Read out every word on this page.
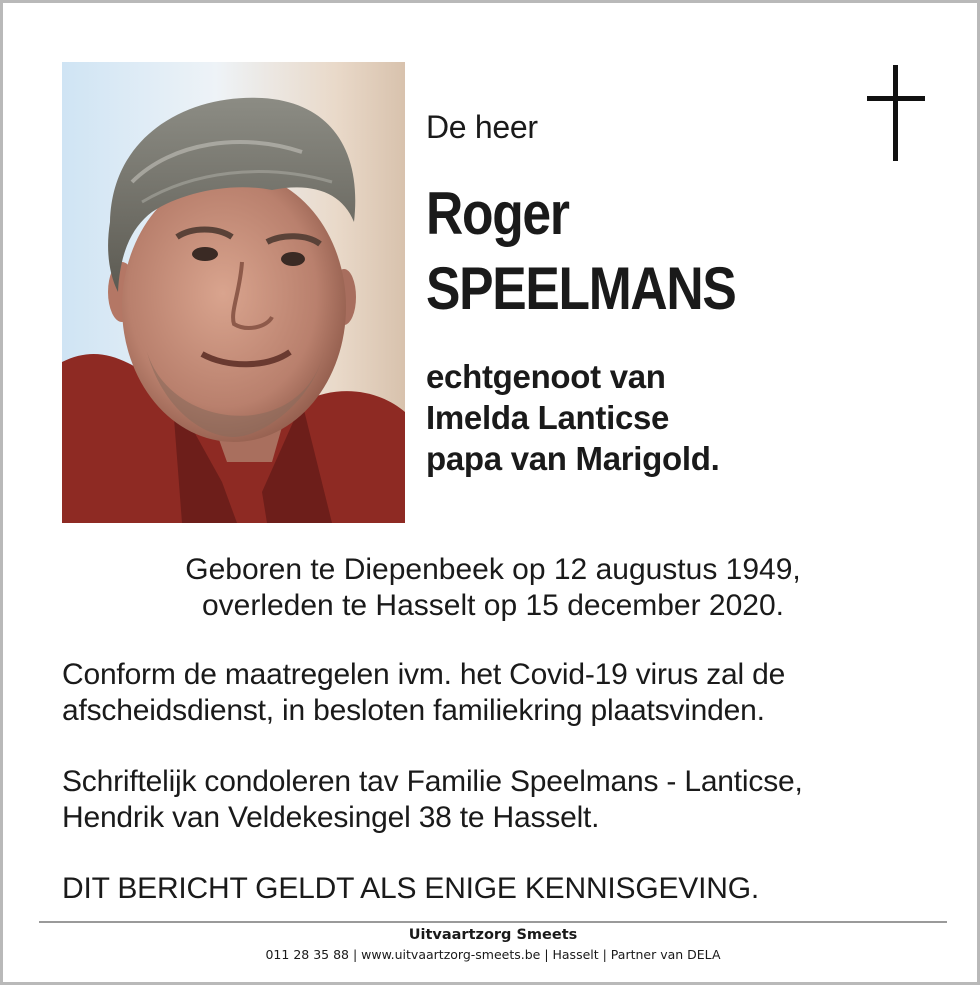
De heer
Roger
SPEELMANS
echtgenoot van
Imelda Lanticse
papa van Marigold.
Geboren te Diepenbeek op 12 augustus 1949,
overleden te Hasselt op 15 december 2020.
Conform de maatregelen ivm. het Covid-19 virus zal de
afscheidsdienst, in besloten familiekring plaatsvinden.
Schriftelijk condoleren tav Familie Speelmans - Lanticse,
Hendrik van Veldekesingel 38 te Hasselt.
DIT BERICHT GELDT ALS ENIGE KENNISGEVING.
Uitvaartzorg Smeets
011 28 35 88 | www.uitvaartzorg-smeets.be | Hasselt | Partner van DELA
